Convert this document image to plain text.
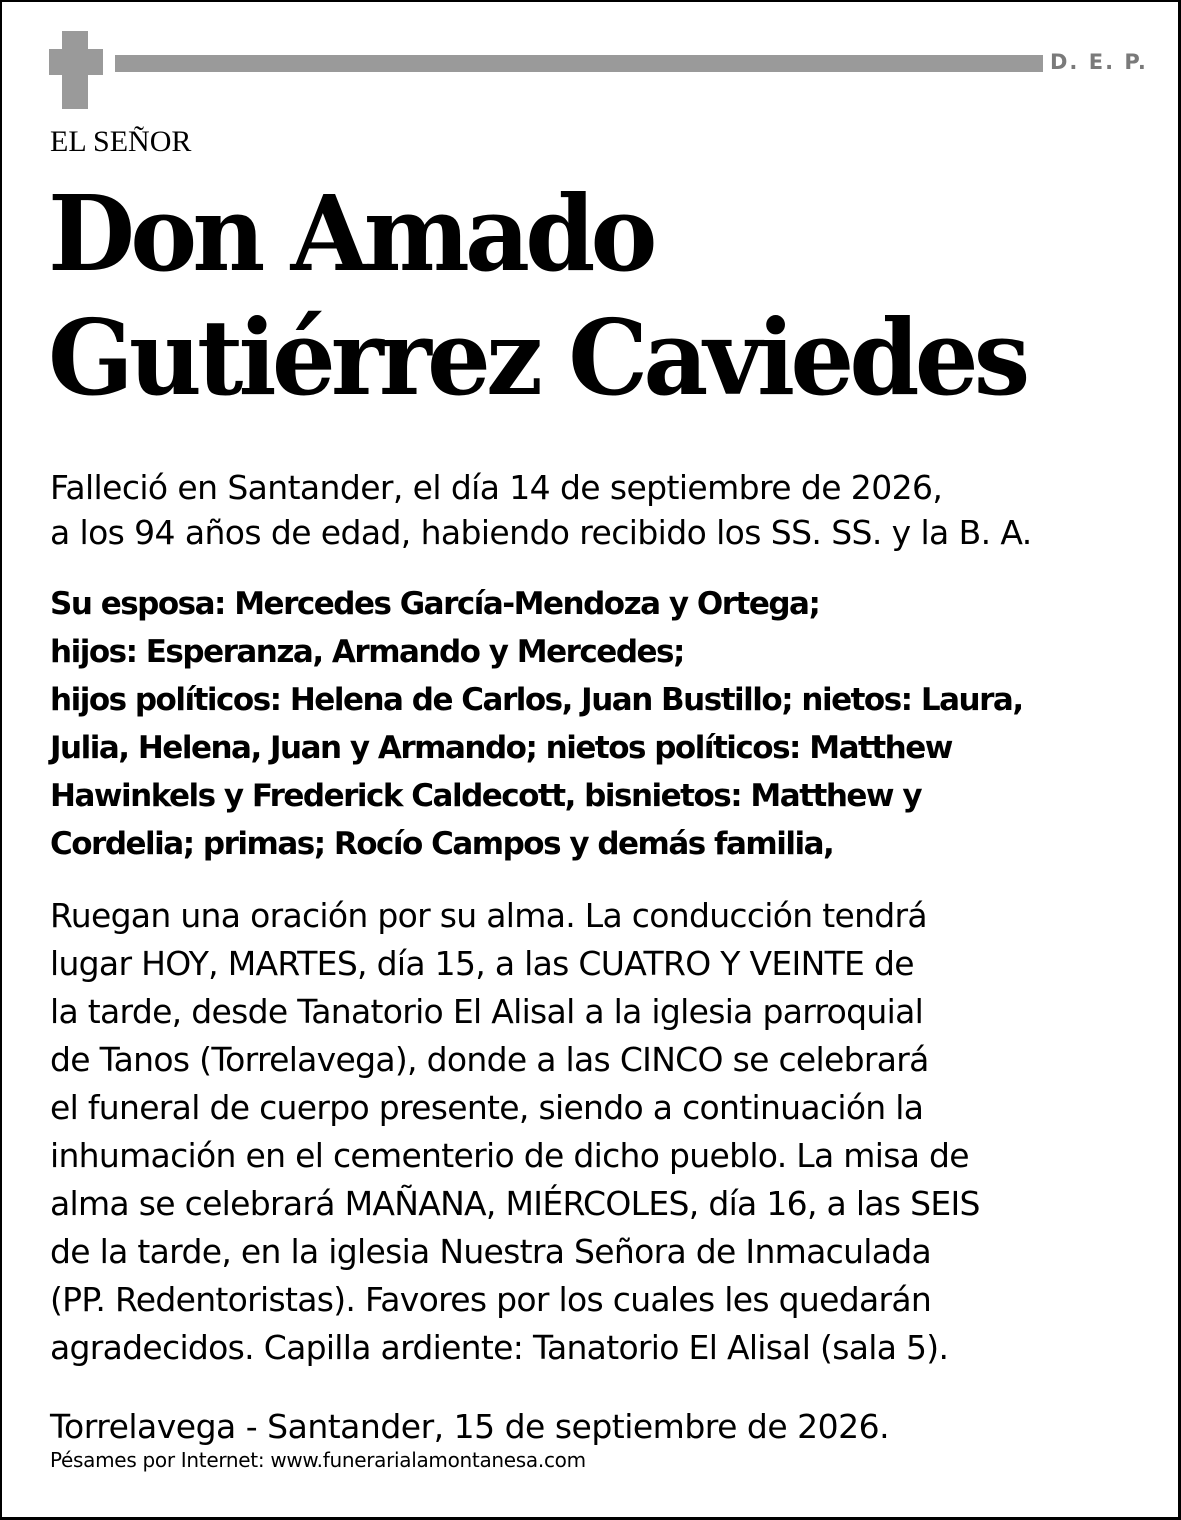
D. E. P.
EL SEÑOR
Don Amado
Gutiérrez Caviedes
Falleció en Santander, el día 14 de septiembre de 2026,
a los 94 años de edad, habiendo recibido los SS. SS. y la B. A.
Su esposa: Mercedes García-Mendoza y Ortega;
hijos: Esperanza, Armando y Mercedes;
hijos políticos: Helena de Carlos, Juan Bustillo; nietos: Laura,
Julia, Helena, Juan y Armando; nietos políticos: Matthew
Hawinkels y Frederick Caldecott, bisnietos: Matthew y
Cordelia; primas; Rocío Campos y demás familia,
Ruegan una oración por su alma. La conducción tendrá
lugar HOY, MARTES, día 15, a las CUATRO Y VEINTE de
la tarde, desde Tanatorio El Alisal a la iglesia parroquial
de Tanos (Torrelavega), donde a las CINCO se celebrará
el funeral de cuerpo presente, siendo a continuación la
inhumación en el cementerio de dicho pueblo. La misa de
alma se celebrará MAÑANA, MIÉRCOLES, día 16, a las SEIS
de la tarde, en la iglesia Nuestra Señora de Inmaculada
(PP. Redentoristas). Favores por los cuales les quedarán
agradecidos. Capilla ardiente: Tanatorio El Alisal (sala 5).
Torrelavega - Santander, 15 de septiembre de 2026.
Pésames por Internet: www.funerarialamontanesa.com
